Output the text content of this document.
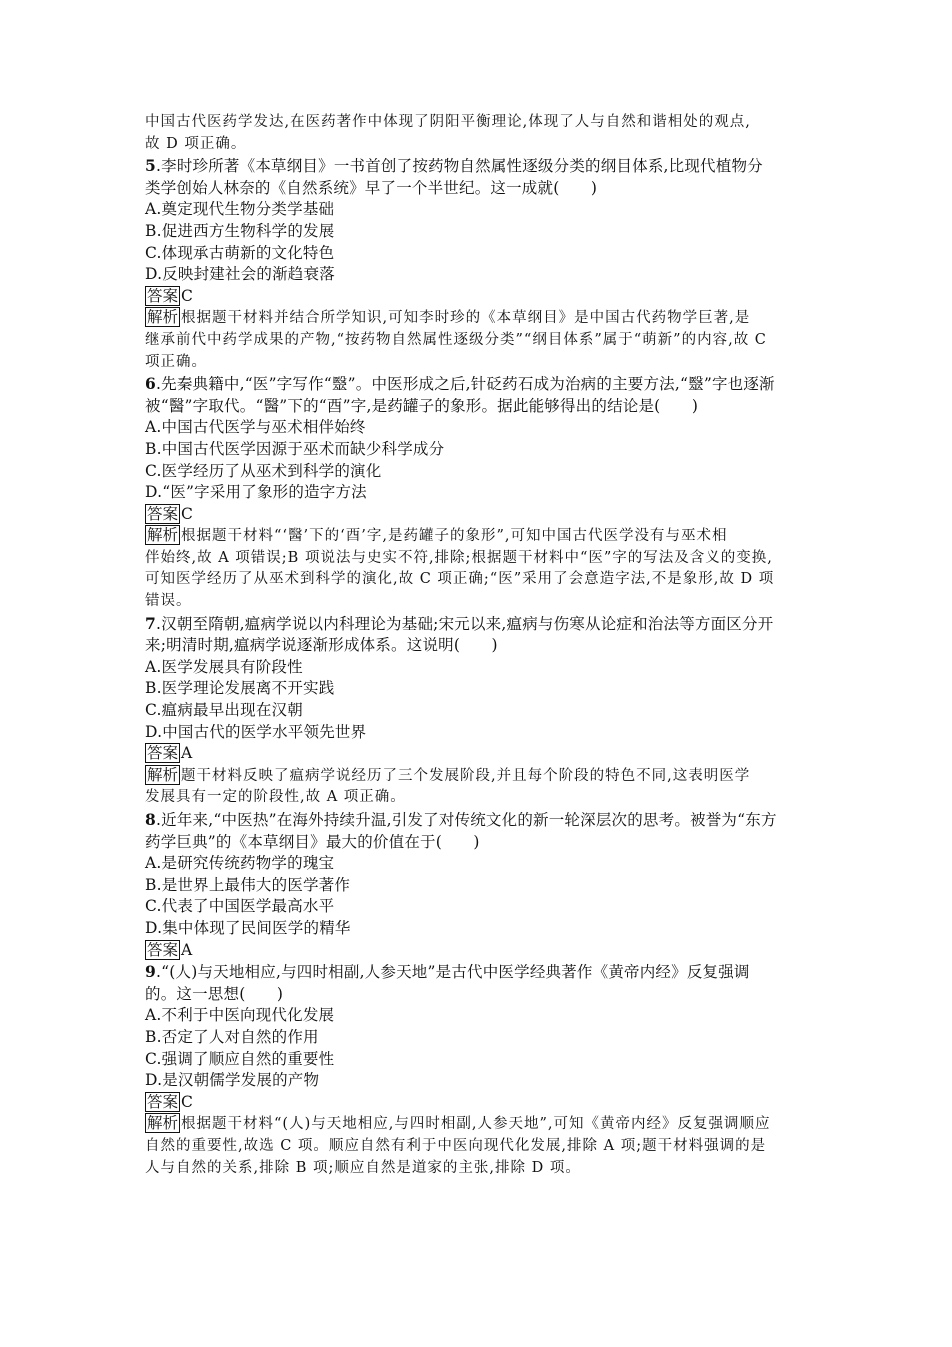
中国古代医药学发达,在医药著作中体现了阴阳平衡理论,体现了人与自然和谐相处的观点,
故 D 项正确。
5.李时珍所著《本草纲目》一书首创了按药物自然属性逐级分类的纲目体系,比现代植物分
类学创始人林奈的《自然系统》早了一个半世纪。这一成就(　　)
A.奠定现代生物分类学基础
B.促进西方生物科学的发展
C.体现承古萌新的文化特色
D.反映封建社会的渐趋衰落
答案 C
解析 根据题干材料并结合所学知识,可知李时珍的《本草纲目》是中国古代药物学巨著,是
继承前代中药学成果的产物,“按药物自然属性逐级分类”“纲目体系”属于“萌新”的内容,故 C
项正确。
6.先秦典籍中,“医”字写作“毉”。中医形成之后,针砭药石成为治病的主要方法,“毉”字也逐渐
被“醫”字取代。“醫”下的“酉”字,是药罐子的象形。据此能够得出的结论是(　　)
A.中国古代医学与巫术相伴始终
B.中国古代医学因源于巫术而缺少科学成分
C.医学经历了从巫术到科学的演化
D.“医”字采用了象形的造字方法
答案 C
解析 根据题干材料“‘醫’下的‘酉’字,是药罐子的象形”,可知中国古代医学没有与巫术相
伴始终,故 A 项错误;B 项说法与史实不符,排除;根据题干材料中“医”字的写法及含义的变换,
可知医学经历了从巫术到科学的演化,故 C 项正确;“医”采用了会意造字法,不是象形,故 D 项
错误。
7.汉朝至隋朝,瘟病学说以内科理论为基础;宋元以来,瘟病与伤寒从论症和治法等方面区分开
来;明清时期,瘟病学说逐渐形成体系。这说明(　　)
A.医学发展具有阶段性
B.医学理论发展离不开实践
C.瘟病最早出现在汉朝
D.中国古代的医学水平领先世界
答案 A
解析 题干材料反映了瘟病学说经历了三个发展阶段,并且每个阶段的特色不同,这表明医学
发展具有一定的阶段性,故 A 项正确。
8.近年来,“中医热”在海外持续升温,引发了对传统文化的新一轮深层次的思考。被誉为“东方
药学巨典”的《本草纲目》最大的价值在于(　　)
A.是研究传统药物学的瑰宝
B.是世界上最伟大的医学著作
C.代表了中国医学最高水平
D.集中体现了民间医学的精华
答案 A
9.“(人)与天地相应,与四时相副,人参天地”是古代中医学经典著作《黄帝内经》反复强调
的。这一思想(　　)
A.不利于中医向现代化发展
B.否定了人对自然的作用
C.强调了顺应自然的重要性
D.是汉朝儒学发展的产物
答案 C
解析 根据题干材料“(人)与天地相应,与四时相副,人参天地”,可知《黄帝内经》反复强调顺应
自然的重要性,故选 C 项。顺应自然有利于中医向现代化发展,排除 A 项;题干材料强调的是
人与自然的关系,排除 B 项;顺应自然是道家的主张,排除 D 项。
